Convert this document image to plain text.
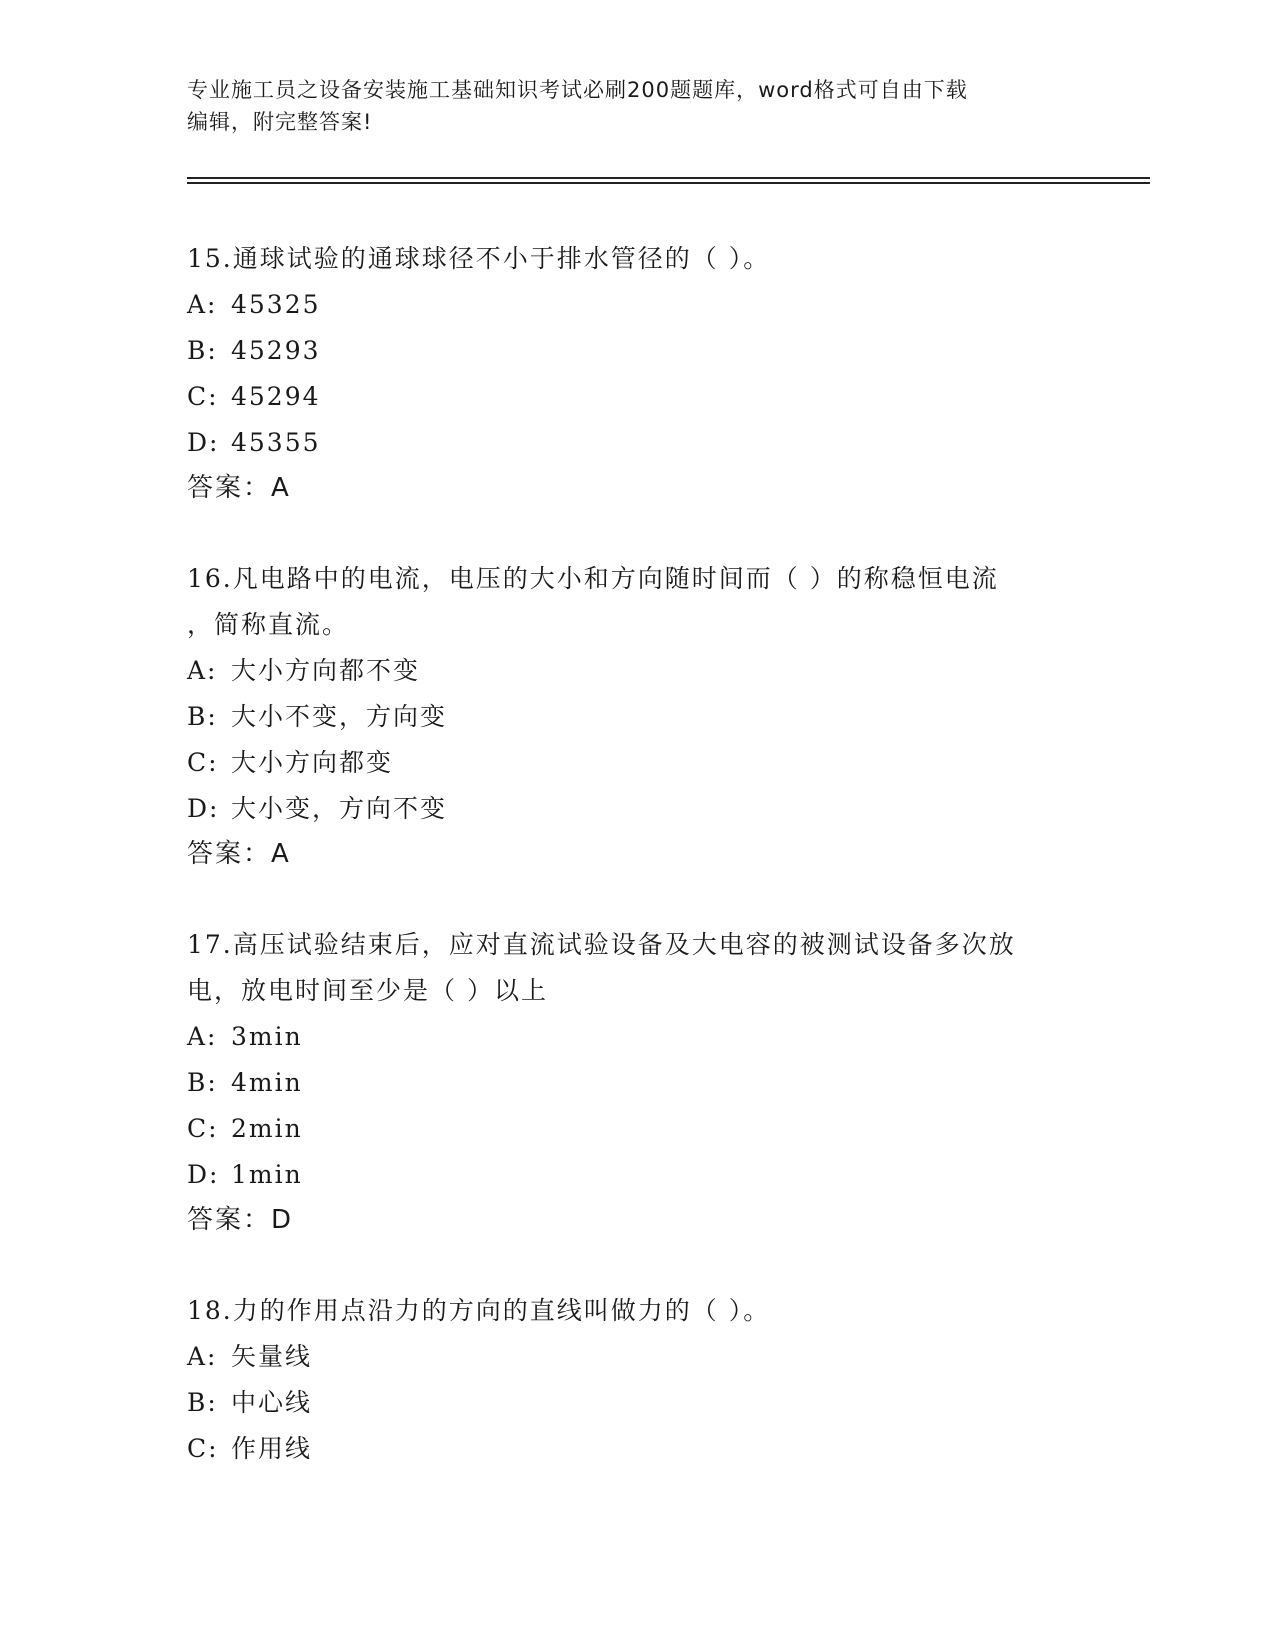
专业施工员之设备安装施工基础知识考试必刷200题题库，word格式可自由下载
编辑，附完整答案!
15.通球试验的通球球径不小于排水管径的（ ）。
A: 45325
B: 45293
C: 45294
D: 45355
答案：A
16.凡电路中的电流，电压的大小和方向随时间而（ ）的称稳恒电流
，简称直流。
A: 大小方向都不变
B: 大小不变，方向变
C: 大小方向都变
D: 大小变，方向不变
答案：A
17.高压试验结束后，应对直流试验设备及大电容的被测试设备多次放
电，放电时间至少是（ ）以上
A: 3min
B: 4min
C: 2min
D: 1min
答案：D
18.力的作用点沿力的方向的直线叫做力的（ ）。
A: 矢量线
B: 中心线
C: 作用线
